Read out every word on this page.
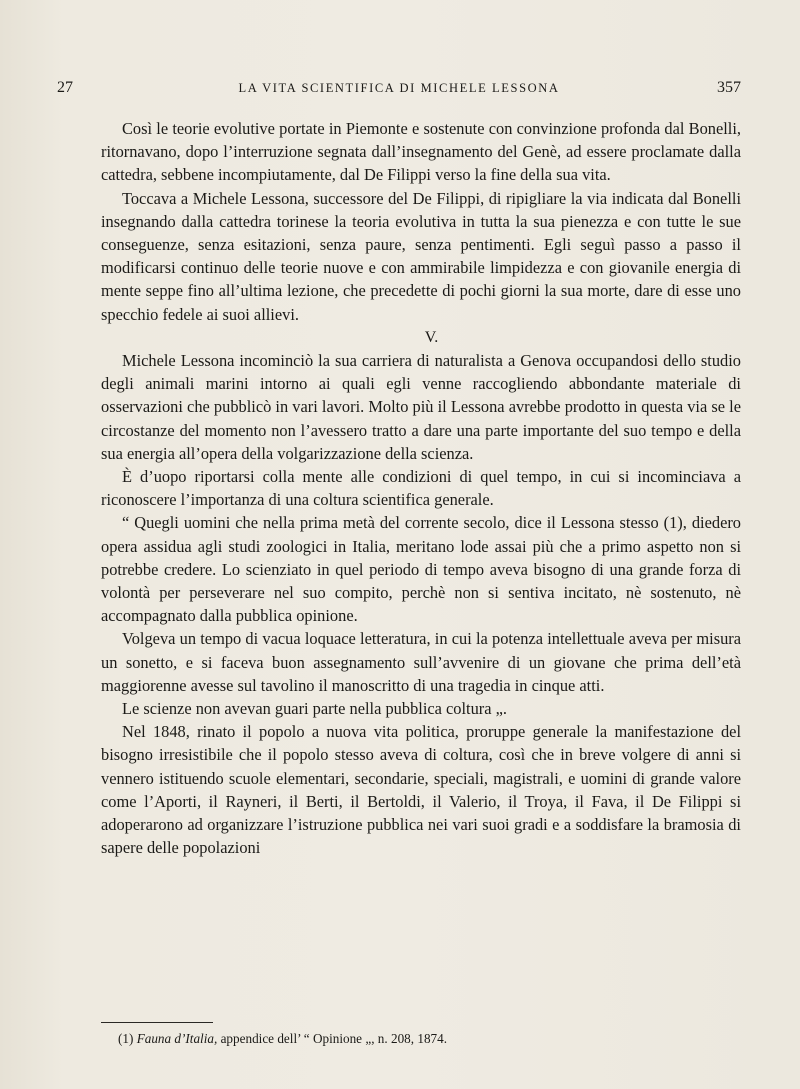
27	LA VITA SCIENTIFICA DI MICHELE LESSONA	357

Così le teorie evolutive portate in Piemonte e sostenute con convinzione profonda dal Bonelli, ritornavano, dopo l’interruzione segnata dall’insegnamento del Genè, ad essere proclamate dalla cattedra, sebbene incompiutamente, dal De Filippi verso la fine della sua vita.

Toccava a Michele Lessona, successore del De Filippi, di ripigliare la via indicata dal Bonelli insegnando dalla cattedra torinese la teoria evolutiva in tutta la sua pienezza e con tutte le sue conseguenze, senza esitazioni, senza paure, senza pentimenti. Egli seguì passo a passo il modificarsi continuo delle teorie nuove e con ammirabile limpidezza e con giovanile energia di mente seppe fino all’ultima lezione, che precedette di pochi giorni la sua morte, dare di esse uno specchio fedele ai suoi allievi.

V.

Michele Lessona incominciò la sua carriera di naturalista a Genova occupandosi dello studio degli animali marini intorno ai quali egli venne raccogliendo abbondante materiale di osservazioni che pubblicò in vari lavori. Molto più il Lessona avrebbe prodotto in questa via se le circostanze del momento non l’avessero tratto a dare una parte importante del suo tempo e della sua energia all’opera della volgarizzazione della scienza.

È d’uopo riportarsi colla mente alle condizioni di quel tempo, in cui si incominciava a riconoscere l’importanza di una coltura scientifica generale.

“ Quegli uomini che nella prima metà del corrente secolo, dice il Lessona stesso (1), diedero opera assidua agli studi zoologici in Italia, meritano lode assai più che a primo aspetto non si potrebbe credere. Lo scienziato in quel periodo di tempo aveva bisogno di una grande forza di volontà per perseverare nel suo compito, perchè non si sentiva incitato, nè sostenuto, nè accompagnato dalla pubblica opinione.

Volgeva un tempo di vacua loquace letteratura, in cui la potenza intellettuale aveva per misura un sonetto, e si faceva buon assegnamento sull’avvenire di un giovane che prima dell’età maggiorenne avesse sul tavolino il manoscritto di una tragedia in cinque atti.

Le scienze non avevan guari parte nella pubblica coltura „.

Nel 1848, rinato il popolo a nuova vita politica, proruppe generale la manifestazione del bisogno irresistibile che il popolo stesso aveva di coltura, così che in breve volgere di anni si vennero istituendo scuole elementari, secondarie, speciali, magistrali, e uomini di grande valore come l’Aporti, il Rayneri, il Berti, il Bertoldi, il Valerio, il Troya, il Fava, il De Filippi si adoperarono ad organizzare l’istruzione pubblica nei vari suoi gradi e a soddisfare la bramosia di sapere delle popolazioni

(1) Fauna d’Italia, appendice dell’ “ Opinione „, n. 208, 1874.
